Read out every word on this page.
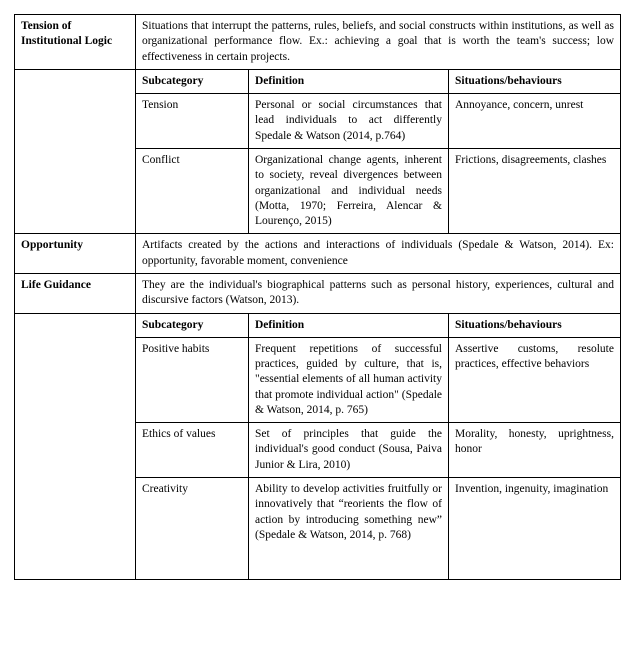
Tension of
Institutional Logic	Situations that interrupt the patterns, rules, beliefs, and social constructs within institutions, as well as organizational performance flow. Ex.: achieving a goal that is worth the team's success; low effectiveness in certain projects.		
	Subcategory	Definition	Situations/behaviours
	Tension	Personal or social circumstances that lead individuals to act differently Spedale & Watson (2014, p.764)	Annoyance, concern, unrest
	Conflict	Organizational change agents, inherent to society, reveal divergences between organizational and individual needs (Motta, 1970; Ferreira, Alencar & Lourenço, 2015)	Frictions, disagreements, clashes
Opportunity	Artifacts created by the actions and interactions of individuals (Spedale & Watson, 2014). Ex: opportunity, favorable moment, convenience		
Life Guidance	They are the individual's biographical patterns such as personal history, experiences, cultural and discursive factors (Watson, 2013).		
	Subcategory	Definition	Situations/behaviours
	Positive habits	Frequent repetitions of successful practices, guided by culture, that is, "essential elements of all human activity that promote individual action" (Spedale & Watson, 2014, p. 765)	Assertive customs, resolute practices, effective behaviors
	Ethics of values	Set of principles that guide the individual's good conduct (Sousa, Paiva Junior & Lira, 2010)	Morality, honesty, uprightness, honor
	Creativity	Ability to develop activities fruitfully or innovatively that “reorients the flow of action by introducing something new” (Spedale & Watson, 2014, p. 768)	Invention, ingenuity, imagination
